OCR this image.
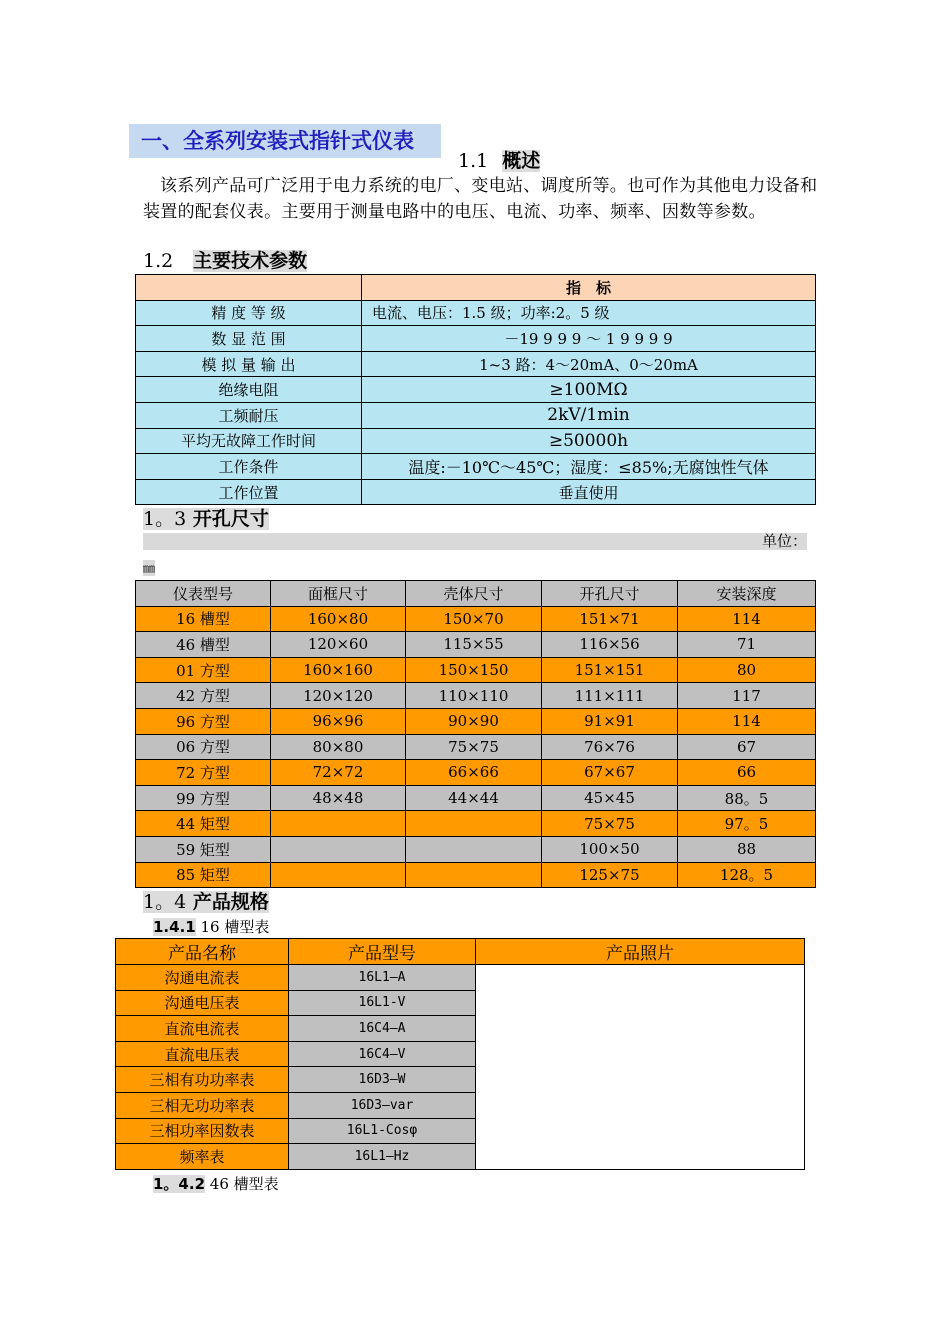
一、全系列安装式指针式仪表
1.1 概述
该系列产品可广泛用于电力系统的电厂、变电站、调度所等。也可作为其他电力设备和装置的配套仪表。主要用于测量电路中的电压、电流、功率、频率、因数等参数。
1.2 主要技术参数
	指　标
精 度 等 级	电流、电压：1.5 级；功率:2。5 级
数 显 范 围	－19 9 9 9 ～ 1 9 9 9 9
模 拟 量 输 出	1~3 路：4～20mA、0～20mA
绝缘电阻	≥100MΩ
工频耐压	2kV/1min
平均无故障工作时间	≥50000h
工作条件	温度:－10℃～45℃；湿度：≤85%;无腐蚀性气体
工作位置	垂直使用
1。3 开孔尺寸
单位：
㎜
仪表型号	面框尺寸	壳体尺寸	开孔尺寸	安装深度
16 槽型	160×80	150×70	151×71	114
46 槽型	120×60	115×55	116×56	71
01 方型	160×160	150×150	151×151	80
42 方型	120×120	110×110	111×111	117
96 方型	96×96	90×90	91×91	114
06 方型	80×80	75×75	76×76	67
72 方型	72×72	66×66	67×67	66
99 方型	48×48	44×44	45×45	88。5
44 矩型			75×75	97。5
59 矩型			100×50	88
85 矩型			125×75	128。5
1。4 产品规格
1.4.1 16 槽型表
产品名称	产品型号	产品照片
沟通电流表	16L1—A	
沟通电压表	16L1-V	
直流电流表	16C4—A	
直流电压表	16C4—V	
三相有功功率表	16D3—W	
三相无功功率表	16D3—var	
三相功率因数表	16L1-Cosφ	
频率表	16L1—Hz	
1。4.2 46 槽型表
